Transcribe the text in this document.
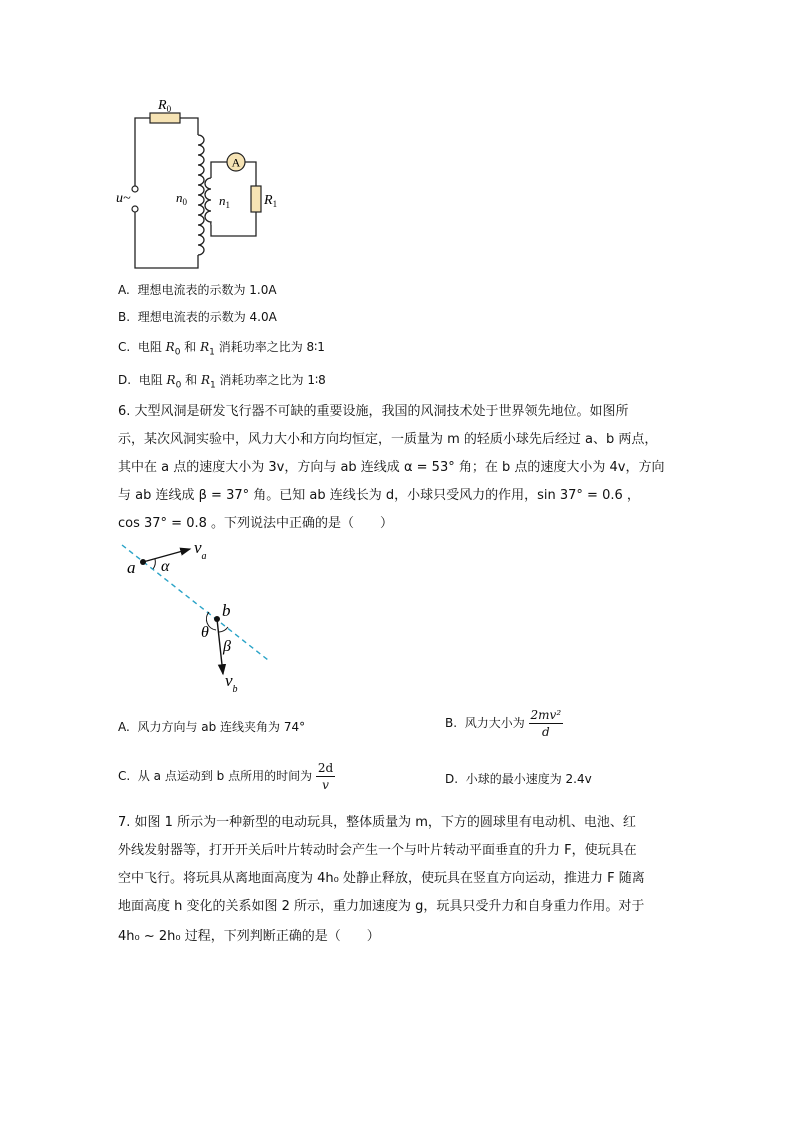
A
$R_0$
u~	$n_0$ $n_1$ $R_1$
A. 理想电流表的示数为 1.0A
B. 理想电流表的示数为 4.0A
C. 电阻 $R_0$ 和 $R_1$ 消耗功率之比为 8∶1
D. 电阻 $R_0$ 和 $R_1$ 消耗功率之比为 1∶8
6. 大型风洞是研发飞行器不可缺的重要设施，我国的风洞技术处于世界领先地位。如图所
示，某次风洞实验中，风力大小和方向均恒定，一质量为 m 的轻质小球先后经过 a、b 两点，
其中在 a 点的速度大小为 3v，方向与 ab 连线成 α = 53° 角；在 b 点的速度大小为 4v，方向
与 ab 连线成 β = 37° 角。已知 ab 连线长为 d，小球只受风力的作用，sin 37° = 0.6 ，
cos 37° = 0.8 。下列说法中正确的是（　　）
a α
$v_a$
b
θ
β
$v_b$
A. 风力方向与 ab 连线夹角为 74°	B. 风力大小为 $\frac{\text{2mv²}}{d}$
C. 从 a 点运动到 b 点所用的时间为 $\frac{2d}{v}$	D. 小球的最小速度为 2.4v
7. 如图 1 所示为一种新型的电动玩具，整体质量为 m，下方的圆球里有电动机、电池、红
外线发射器等，打开开关后叶片转动时会产生一个与叶片转动平面垂直的升力 F，使玩具在
空中飞行。将玩具从离地面高度为 4h₀ 处静止释放，使玩具在竖直方向运动，推进力 F 随离
地面高度 h 变化的关系如图 2 所示，重力加速度为 g，玩具只受升力和自身重力作用。对于
4h₀ ~ 2h₀ 过程，下列判断正确的是（　　）
